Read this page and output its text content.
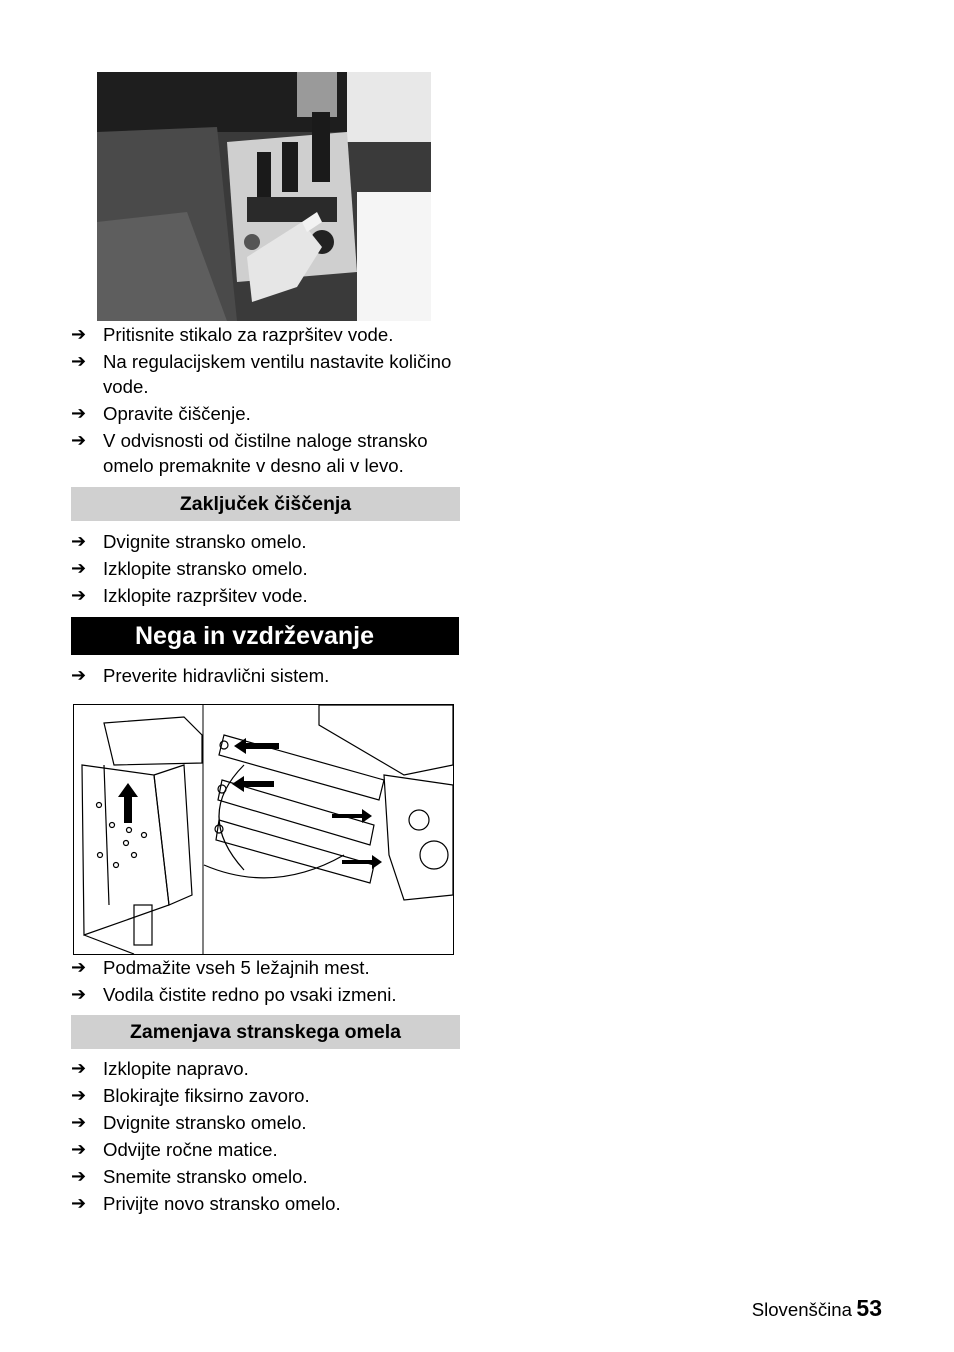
➔ Pritisnite stikalo za razpršitev vode.
➔ Na regulacijskem ventilu nastavite količino vode.
➔ Opravite čiščenje.
➔ V odvisnosti od čistilne naloge stransko omelo premaknite v desno ali v levo.
Zaključek čiščenja
➔ Dvignite stransko omelo.
➔ Izklopite stransko omelo.
➔ Izklopite razpršitev vode.
Nega in vzdrževanje
➔ Preverite hidravlični sistem.
➔ Podmažite vseh 5 ležajnih mest.
➔ Vodila čistite redno po vsaki izmeni.
Zamenjava stranskega omela
➔ Izklopite napravo.
➔ Blokirajte fiksirno zavoro.
➔ Dvignite stransko omelo.
➔ Odvijte ročne matice.
➔ Snemite stransko omelo.
➔ Privijte novo stransko omelo.
Slovenščina 53
